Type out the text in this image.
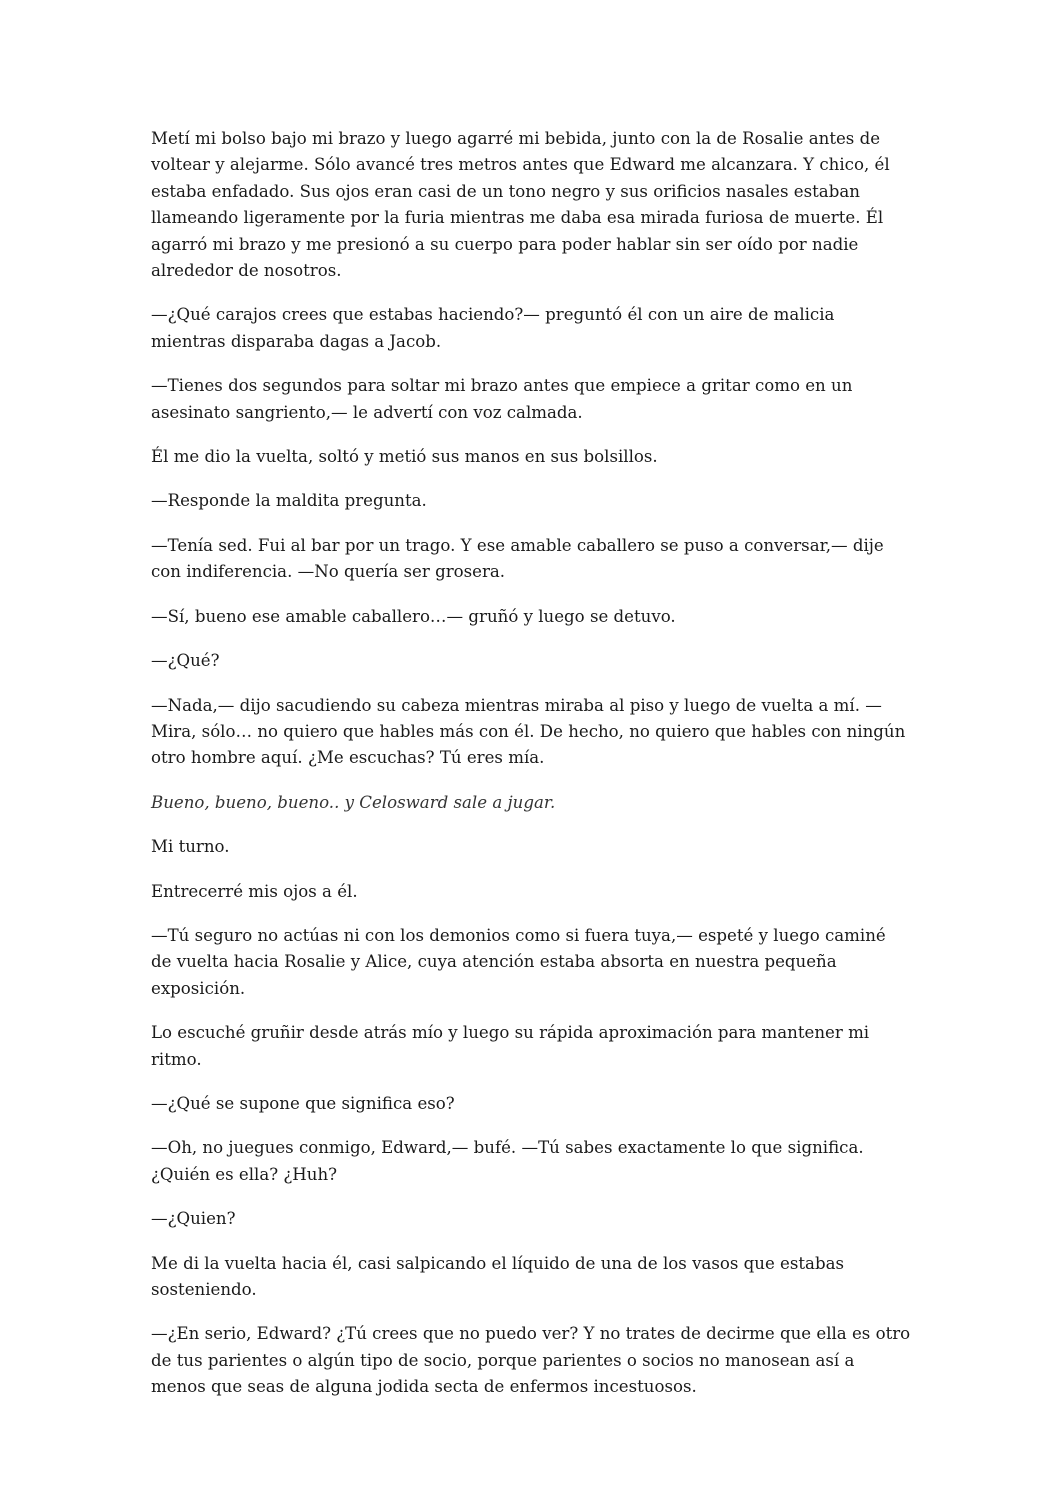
Metí mi bolso bajo mi brazo y luego agarré mi bebida, junto con la de Rosalie antes de voltear y alejarme. Sólo avancé tres metros antes que Edward me alcanzara. Y chico, él estaba enfadado. Sus ojos eran casi de un tono negro y sus orificios nasales estaban llameando ligeramente por la furia mientras me daba esa mirada furiosa de muerte. Él agarró mi brazo y me presionó a su cuerpo para poder hablar sin ser oído por nadie alrededor de nosotros.

—¿Qué carajos crees que estabas haciendo?— preguntó él con un aire de malicia mientras disparaba dagas a Jacob.

—Tienes dos segundos para soltar mi brazo antes que empiece a gritar como en un asesinato sangriento,— le advertí con voz calmada.

Él me dio la vuelta, soltó y metió sus manos en sus bolsillos.

—Responde la maldita pregunta.

—Tenía sed. Fui al bar por un trago. Y ese amable caballero se puso a conversar,— dije con indiferencia. —No quería ser grosera.

—Sí, bueno ese amable caballero…— gruñó y luego se detuvo.

—¿Qué?

—Nada,— dijo sacudiendo su cabeza mientras miraba al piso y luego de vuelta a mí. —Mira, sólo… no quiero que hables más con él. De hecho, no quiero que hables con ningún otro hombre aquí. ¿Me escuchas? Tú eres mía.

Bueno, bueno, bueno.. y Celosward sale a jugar.

Mi turno.

Entrecerré mis ojos a él.

—Tú seguro no actúas ni con los demonios como si fuera tuya,— espeté y luego caminé de vuelta hacia Rosalie y Alice, cuya atención estaba absorta en nuestra pequeña exposición.

Lo escuché gruñir desde atrás mío y luego su rápida aproximación para mantener mi ritmo.

—¿Qué se supone que significa eso?

—Oh, no juegues conmigo, Edward,— bufé. —Tú sabes exactamente lo que significa. ¿Quién es ella? ¿Huh?

—¿Quien?

Me di la vuelta hacia él, casi salpicando el líquido de una de los vasos que estabas sosteniendo.

—¿En serio, Edward? ¿Tú crees que no puedo ver? Y no trates de decirme que ella es otro de tus parientes o algún tipo de socio, porque parientes o socios no manosean así a menos que seas de alguna jodida secta de enfermos incestuosos.
